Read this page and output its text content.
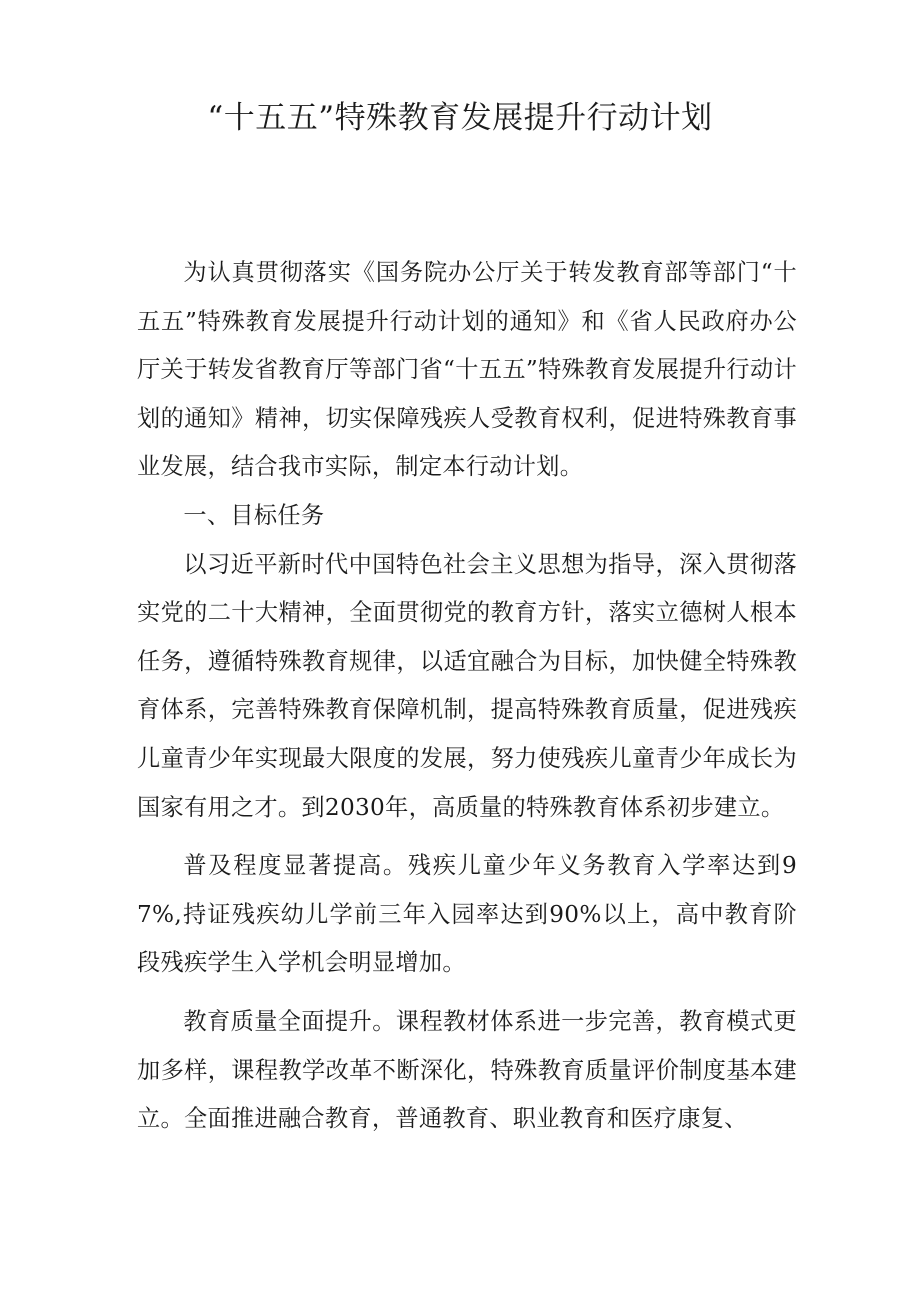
“十五五”特殊教育发展提升行动计划

为认真贯彻落实《国务院办公厅关于转发教育部等部门“十五五”特殊教育发展提升行动计划的通知》和《省人民政府办公厅关于转发省教育厅等部门省“十五五”特殊教育发展提升行动计划的通知》精神，切实保障残疾人受教育权利，促进特殊教育事业发展，结合我市实际，制定本行动计划。

一、目标任务

以习近平新时代中国特色社会主义思想为指导，深入贯彻落实党的二十大精神，全面贯彻党的教育方针，落实立德树人根本任务，遵循特殊教育规律，以适宜融合为目标，加快健全特殊教育体系，完善特殊教育保障机制，提高特殊教育质量，促进残疾儿童青少年实现最大限度的发展，努力使残疾儿童青少年成长为国家有用之才。到2030年，高质量的特殊教育体系初步建立。

普及程度显著提高。残疾儿童少年义务教育入学率达到97%,持证残疾幼儿学前三年入园率达到90%以上，高中教育阶段残疾学生入学机会明显增加。

教育质量全面提升。课程教材体系进一步完善，教育模式更加多样，课程教学改革不断深化，特殊教育质量评价制度基本建立。全面推进融合教育，普通教育、职业教育和医疗康复、
